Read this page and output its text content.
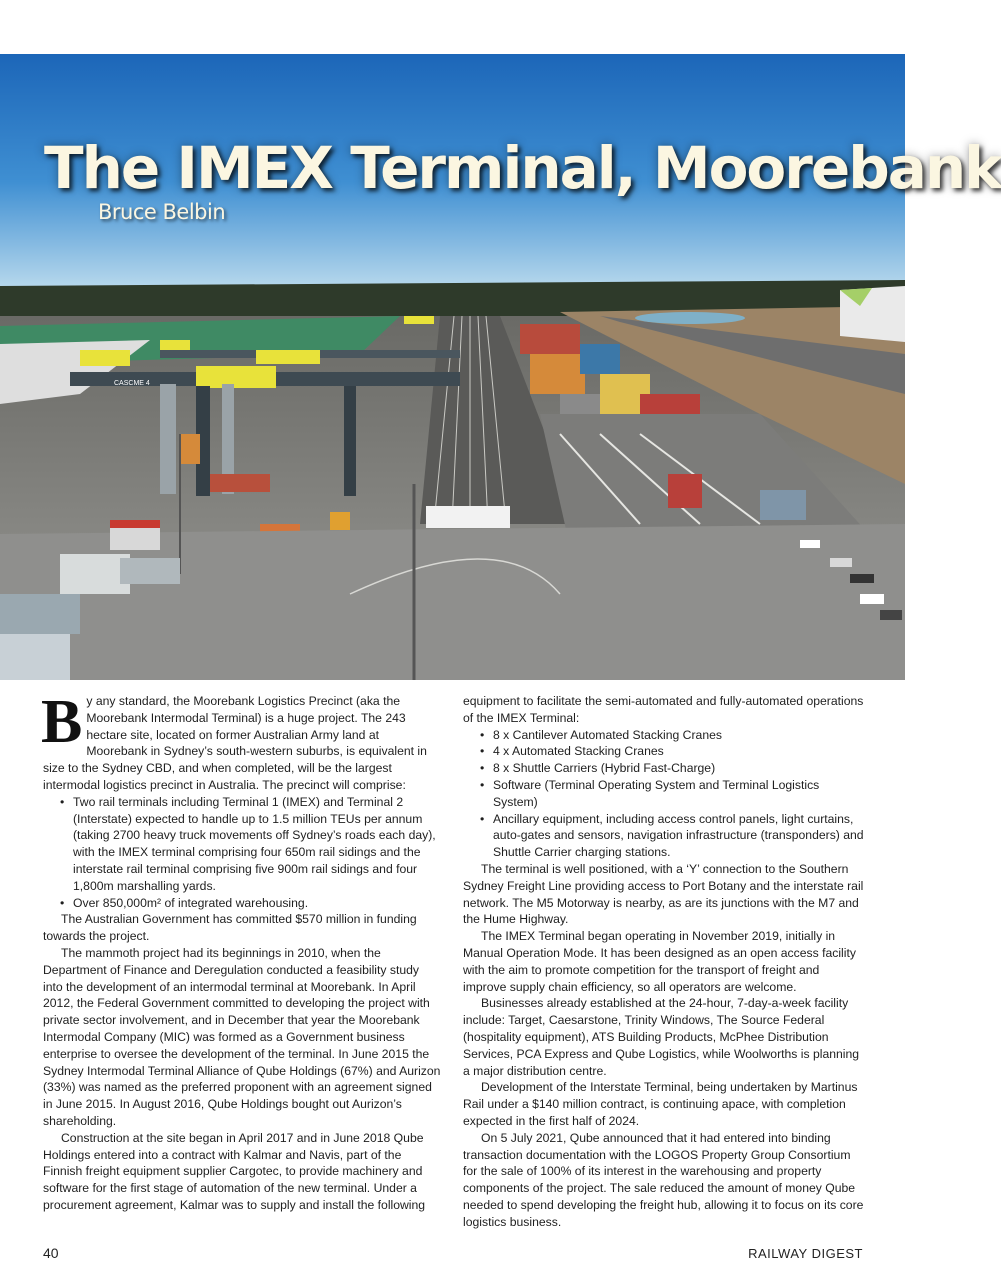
CASCME 4
The IMEX Terminal, Moorebank
Bruce Belbin

By any standard, the Moorebank Logistics Precinct (aka the Moorebank Intermodal Terminal) is a huge project. The 243 hectare site, located on former Australian Army land at Moorebank in Sydney’s south-western suburbs, is equivalent in size to the Sydney CBD, and when completed, will be the largest intermodal logistics precinct in Australia. The precinct will comprise:

• Two rail terminals including Terminal 1 (IMEX) and Terminal 2 (Interstate) expected to handle up to 1.5 million TEUs per annum (taking 2700 heavy truck movements off Sydney’s roads each day), with the IMEX terminal comprising four 650m rail sidings and the interstate rail terminal comprising five 900m rail sidings and four 1,800m marshalling yards.
• Over 850,000m² of integrated warehousing.

The Australian Government has committed $570 million in funding towards the project.

The mammoth project had its beginnings in 2010, when the Department of Finance and Deregulation conducted a feasibility study into the development of an intermodal terminal at Moorebank. In April 2012, the Federal Government committed to developing the project with private sector involvement, and in December that year the Moorebank Intermodal Company (MIC) was formed as a Government business enterprise to oversee the development of the terminal. In June 2015 the Sydney Intermodal Terminal Alliance of Qube Holdings (67%) and Aurizon (33%) was named as the preferred proponent with an agreement signed in June 2015. In August 2016, Qube Holdings bought out Aurizon’s shareholding.

Construction at the site began in April 2017 and in June 2018 Qube Holdings entered into a contract with Kalmar and Navis, part of the Finnish freight equipment supplier Cargotec, to provide machinery and software for the first stage of automation of the new terminal. Under a procurement agreement, Kalmar was to supply and install the following

equipment to facilitate the semi-automated and fully-automated operations of the IMEX Terminal:

• 8 x Cantilever Automated Stacking Cranes
• 4 x Automated Stacking Cranes
• 8 x Shuttle Carriers (Hybrid Fast-Charge)
• Software (Terminal Operating System and Terminal Logistics System)
• Ancillary equipment, including access control panels, light curtains, auto-gates and sensors, navigation infrastructure (transponders) and Shuttle Carrier charging stations.

The terminal is well positioned, with a ‘Y’ connection to the Southern Sydney Freight Line providing access to Port Botany and the interstate rail network. The M5 Motorway is nearby, as are its junctions with the M7 and the Hume Highway.

The IMEX Terminal began operating in November 2019, initially in Manual Operation Mode. It has been designed as an open access facility with the aim to promote competition for the transport of freight and improve supply chain efficiency, so all operators are welcome.

Businesses already established at the 24-hour, 7-day-a-week facility include: Target, Caesarstone, Trinity Windows, The Source Federal (hospitality equipment), ATS Building Products, McPhee Distribution Services, PCA Express and Qube Logistics, while Woolworths is planning a major distribution centre.

Development of the Interstate Terminal, being undertaken by Martinus Rail under a $140 million contract, is continuing apace, with completion expected in the first half of 2024.

On 5 July 2021, Qube announced that it had entered into binding transaction documentation with the LOGOS Property Group Consortium for the sale of 100% of its interest in the warehousing and property components of the project. The sale reduced the amount of money Qube needed to spend developing the freight hub, allowing it to focus on its core logistics business.

40	RAILWAY DIGEST
